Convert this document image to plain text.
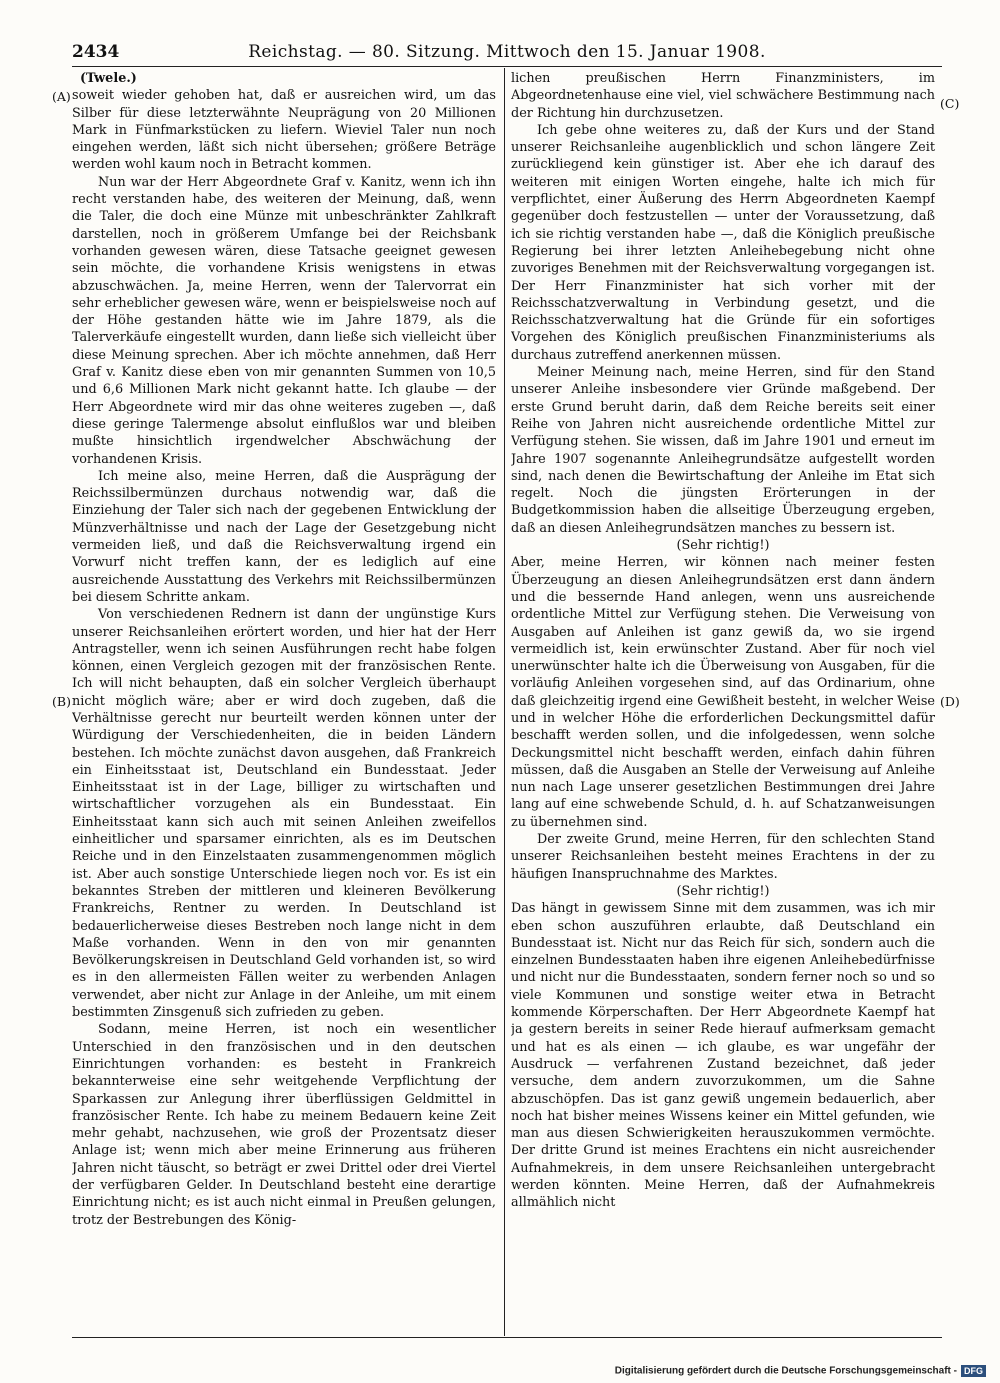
2434	Reichstag. — 80. Sitzung. Mittwoch den 15. Januar 1908.
(A)
(B)
(C)
(D)
(Twele.)

soweit wieder gehoben hat, daß er ausreichen wird, um das Silber für diese letzterwähnte Neuprägung von 20 Millionen Mark in Fünfmarkstücken zu liefern. Wieviel Taler nun noch eingehen werden, läßt sich nicht übersehen; größere Beträge werden wohl kaum noch in Betracht kommen.

Nun war der Herr Abgeordnete Graf v. Kanitz, wenn ich ihn recht verstanden habe, des weiteren der Meinung, daß, wenn die Taler, die doch eine Münze mit unbeschränkter Zahlkraft darstellen, noch in größerem Umfange bei der Reichsbank vorhanden gewesen wären, diese Tatsache geeignet gewesen sein möchte, die vorhandene Krisis wenigstens in etwas abzuschwächen. Ja, meine Herren, wenn der Talervorrat ein sehr erheblicher gewesen wäre, wenn er beispielsweise noch auf der Höhe gestanden hätte wie im Jahre 1879, als die Talerverkäufe eingestellt wurden, dann ließe sich vielleicht über diese Meinung sprechen. Aber ich möchte annehmen, daß Herr Graf v. Kanitz diese eben von mir genannten Summen von 10,5 und 6,6 Millionen Mark nicht gekannt hatte. Ich glaube — der Herr Abgeordnete wird mir das ohne weiteres zugeben —, daß diese geringe Talermenge absolut einflußlos war und bleiben mußte hinsichtlich irgendwelcher Abschwächung der vorhandenen Krisis.

Ich meine also, meine Herren, daß die Ausprägung der Reichssilbermünzen durchaus notwendig war, daß die Einziehung der Taler sich nach der gegebenen Entwicklung der Münzverhältnisse und nach der Lage der Gesetzgebung nicht vermeiden ließ, und daß die Reichsverwaltung irgend ein Vorwurf nicht treffen kann, der es lediglich auf eine ausreichende Ausstattung des Verkehrs mit Reichssilbermünzen bei diesem Schritte ankam.

Von verschiedenen Rednern ist dann der ungünstige Kurs unserer Reichsanleihen erörtert worden, und hier hat der Herr Antragsteller, wenn ich seinen Ausführungen recht habe folgen können, einen Vergleich gezogen mit der französischen Rente. Ich will nicht behaupten, daß ein solcher Vergleich überhaupt nicht möglich wäre; aber er wird doch zugeben, daß die Verhältnisse gerecht nur beurteilt werden können unter der Würdigung der Verschiedenheiten, die in beiden Ländern bestehen. Ich möchte zunächst davon ausgehen, daß Frankreich ein Einheitsstaat ist, Deutschland ein Bundesstaat. Jeder Einheitsstaat ist in der Lage, billiger zu wirtschaften und wirtschaftlicher vorzugehen als ein Bundesstaat. Ein Einheitsstaat kann sich auch mit seinen Anleihen zweifellos einheitlicher und sparsamer einrichten, als es im Deutschen Reiche und in den Einzelstaaten zusammengenommen möglich ist. Aber auch sonstige Unterschiede liegen noch vor. Es ist ein bekanntes Streben der mittleren und kleineren Bevölkerung Frankreichs, Rentner zu werden. In Deutschland ist bedauerlicherweise dieses Bestreben noch lange nicht in dem Maße vorhanden. Wenn in den von mir genannten Bevölkerungskreisen in Deutschland Geld vorhanden ist, so wird es in den allermeisten Fällen weiter zu werbenden Anlagen verwendet, aber nicht zur Anlage in der Anleihe, um mit einem bestimmten Zinsgenuß sich zufrieden zu geben.

Sodann, meine Herren, ist noch ein wesentlicher Unterschied in den französischen und in den deutschen Einrichtungen vorhanden: es besteht in Frankreich bekannterweise eine sehr weitgehende Verpflichtung der Sparkassen zur Anlegung ihrer überflüssigen Geldmittel in französischer Rente. Ich habe zu meinem Bedauern keine Zeit mehr gehabt, nachzusehen, wie groß der Prozentsatz dieser Anlage ist; wenn mich aber meine Erinnerung aus früheren Jahren nicht täuscht, so beträgt er zwei Drittel oder drei Viertel der verfügbaren Gelder. In Deutschland besteht eine derartige Einrichtung nicht; es ist auch nicht einmal in Preußen gelungen, trotz der Bestrebungen des König-

lichen preußischen Herrn Finanzministers, im Abgeordnetenhause eine viel, viel schwächere Bestimmung nach der Richtung hin durchzusetzen.

Ich gebe ohne weiteres zu, daß der Kurs und der Stand unserer Reichsanleihe augenblicklich und schon längere Zeit zurückliegend kein günstiger ist. Aber ehe ich darauf des weiteren mit einigen Worten eingehe, halte ich mich für verpflichtet, einer Äußerung des Herrn Abgeordneten Kaempf gegenüber doch festzustellen — unter der Voraussetzung, daß ich sie richtig verstanden habe —, daß die Königlich preußische Regierung bei ihrer letzten Anleihebegebung nicht ohne zuvoriges Benehmen mit der Reichsverwaltung vorgegangen ist. Der Herr Finanzminister hat sich vorher mit der Reichsschatzverwaltung in Verbindung gesetzt, und die Reichsschatzverwaltung hat die Gründe für ein sofortiges Vorgehen des Königlich preußischen Finanzministeriums als durchaus zutreffend anerkennen müssen.

Meiner Meinung nach, meine Herren, sind für den Stand unserer Anleihe insbesondere vier Gründe maßgebend. Der erste Grund beruht darin, daß dem Reiche bereits seit einer Reihe von Jahren nicht ausreichende ordentliche Mittel zur Verfügung stehen. Sie wissen, daß im Jahre 1901 und erneut im Jahre 1907 sogenannte Anleihegrundsätze aufgestellt worden sind, nach denen die Bewirtschaftung der Anleihe im Etat sich regelt. Noch die jüngsten Erörterungen in der Budgetkommission haben die allseitige Überzeugung ergeben, daß an diesen Anleihegrundsätzen manches zu bessern ist.

(Sehr richtig!)

Aber, meine Herren, wir können nach meiner festen Überzeugung an diesen Anleihegrundsätzen erst dann ändern und die bessernde Hand anlegen, wenn uns ausreichende ordentliche Mittel zur Verfügung stehen. Die Verweisung von Ausgaben auf Anleihen ist ganz gewiß da, wo sie irgend vermeidlich ist, kein erwünschter Zustand. Aber für noch viel unerwünschter halte ich die Überweisung von Ausgaben, für die vorläufig Anleihen vorgesehen sind, auf das Ordinarium, ohne daß gleichzeitig irgend eine Gewißheit besteht, in welcher Weise und in welcher Höhe die erforderlichen Deckungsmittel dafür beschafft werden sollen, und die infolgedessen, wenn solche Deckungsmittel nicht beschafft werden, einfach dahin führen müssen, daß die Ausgaben an Stelle der Verweisung auf Anleihe nun nach Lage unserer gesetzlichen Bestimmungen drei Jahre lang auf eine schwebende Schuld, d. h. auf Schatzanweisungen zu übernehmen sind.

Der zweite Grund, meine Herren, für den schlechten Stand unserer Reichsanleihen besteht meines Erachtens in der zu häufigen Inanspruchnahme des Marktes.

(Sehr richtig!)

Das hängt in gewissem Sinne mit dem zusammen, was ich mir eben schon auszuführen erlaubte, daß Deutschland ein Bundesstaat ist. Nicht nur das Reich für sich, sondern auch die einzelnen Bundesstaaten haben ihre eigenen Anleihebedürfnisse und nicht nur die Bundesstaaten, sondern ferner noch so und so viele Kommunen und sonstige weiter etwa in Betracht kommende Körperschaften. Der Herr Abgeordnete Kaempf hat ja gestern bereits in seiner Rede hierauf aufmerksam gemacht und hat es als einen — ich glaube, es war ungefähr der Ausdruck — verfahrenen Zustand bezeichnet, daß jeder versuche, dem andern zuvorzukommen, um die Sahne abzuschöpfen. Das ist ganz gewiß ungemein bedauerlich, aber noch hat bisher meines Wissens keiner ein Mittel gefunden, wie man aus diesen Schwierigkeiten herauszukommen vermöchte. Der dritte Grund ist meines Erachtens ein nicht ausreichender Aufnahmekreis, in dem unsere Reichsanleihen untergebracht werden könnten. Meine Herren, daß der Aufnahmekreis allmählich nicht

Digitalisierung gefördert durch die Deutsche Forschungsgemeinschaft - DFG
